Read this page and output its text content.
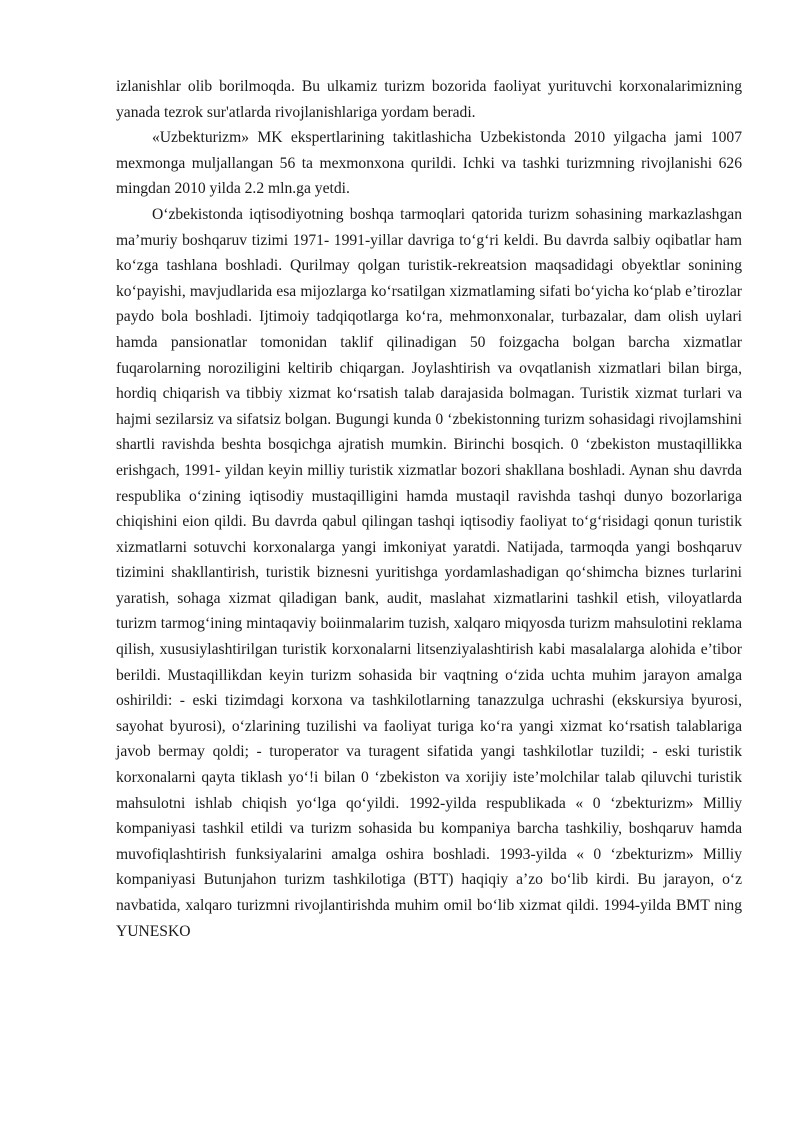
izlanishlar olib borilmoqda. Bu ulkamiz turizm bozorida faoliyat yurituvchi korxonalarimizning yanada tezrok sur'atlarda rivojlanishlariga yordam beradi.

«Uzbekturizm» MK ekspertlarining takitlashicha Uzbekistonda 2010 yilgacha jami 1007 mexmonga muljallangan 56 ta mexmonxona qurildi. Ichki va tashki turizmning rivojlanishi 626 mingdan 2010 yilda 2.2 mln.ga yetdi.

O‘zbekistonda iqtisodiyotning boshqa tarmoqlari qatorida turizm sohasining markazlashgan ma’muriy boshqaruv tizimi 1971- 1991-yillar davriga to‘g‘ri keldi. Bu davrda salbiy oqibatlar ham ko‘zga tashlana boshladi. Qurilmay qolgan turistik-rekreatsion maqsadidagi obyektlar sonining ko‘payishi, mavjudlarida esa mijozlarga ko‘rsatilgan xizmatlaming sifati bo‘yicha ko‘plab e’tirozlar paydo bola boshladi. Ijtimoiy tadqiqotlarga ko‘ra, mehmonxonalar, turbazalar, dam olish uylari hamda pansionatlar tomonidan taklif qilinadigan 50 foizgacha bolgan barcha xizmatlar fuqarolarning noroziligini keltirib chiqargan. Joylashtirish va ovqatlanish xizmatlari bilan birga, hordiq chiqarish va tibbiy xizmat ko‘rsatish talab darajasida bolmagan. Turistik xizmat turlari va hajmi sezilarsiz va sifatsiz bolgan. Bugungi kunda 0 ‘zbekistonning turizm sohasidagi rivojlamshini shartli ravishda beshta bosqichga ajratish mumkin. Birinchi bosqich. 0 ‘zbekiston mustaqillikka erishgach, 1991- yildan keyin milliy turistik xizmatlar bozori shakllana boshladi. Aynan shu davrda respublika o‘zining iqtisodiy mustaqilligini hamda mustaqil ravishda tashqi dunyo bozorlariga chiqishini eion qildi. Bu davrda qabul qilingan tashqi iqtisodiy faoliyat to‘g‘risidagi qonun turistik xizmatlarni sotuvchi korxonalarga yangi imkoniyat yaratdi. Natijada, tarmoqda yangi boshqaruv tizimini shakllantirish, turistik biznesni yuritishga yordamlashadigan qo‘shimcha biznes turlarini yaratish, sohaga xizmat qiladigan bank, audit, maslahat xizmatlarini tashkil etish, viloyatlarda turizm tarmog‘ining mintaqaviy boiinmalarim tuzish, xalqaro miqyosda turizm mahsulotini reklama qilish, xususiylashtirilgan turistik korxonalarni litsenziyalashtirish kabi masalalarga alohida e’tibor berildi. Mustaqillikdan keyin turizm sohasida bir vaqtning o‘zida uchta muhim jarayon amalga oshirildi: - eski tizimdagi korxona va tashkilotlarning tanazzulga uchrashi (ekskursiya byurosi, sayohat byurosi), o‘zlarining tuzilishi va faoliyat turiga ko‘ra yangi xizmat ko‘rsatish talablariga javob bermay qoldi; - turoperator va turagent sifatida yangi tashkilotlar tuzildi; - eski turistik korxonalarni qayta tiklash yo‘!i bilan 0 ‘zbekiston va xorijiy iste’molchilar talab qiluvchi turistik mahsulotni ishlab chiqish yo‘lga qo‘yildi. 1992-yilda respublikada « 0 ‘zbekturizm» Milliy kompaniyasi tashkil etildi va turizm sohasida bu kompaniya barcha tashkiliy, boshqaruv hamda muvofiqlashtirish funksiyalarini amalga oshira boshladi. 1993-yilda « 0 ‘zbekturizm» Milliy kompaniyasi Butunjahon turizm tashkilotiga (BTT) haqiqiy a’zo bo‘lib kirdi. Bu jarayon, o‘z navbatida, xalqaro turizmni rivojlantirishda muhim omil bo‘lib xizmat qildi. 1994-yilda BMT ning YUNESKO
